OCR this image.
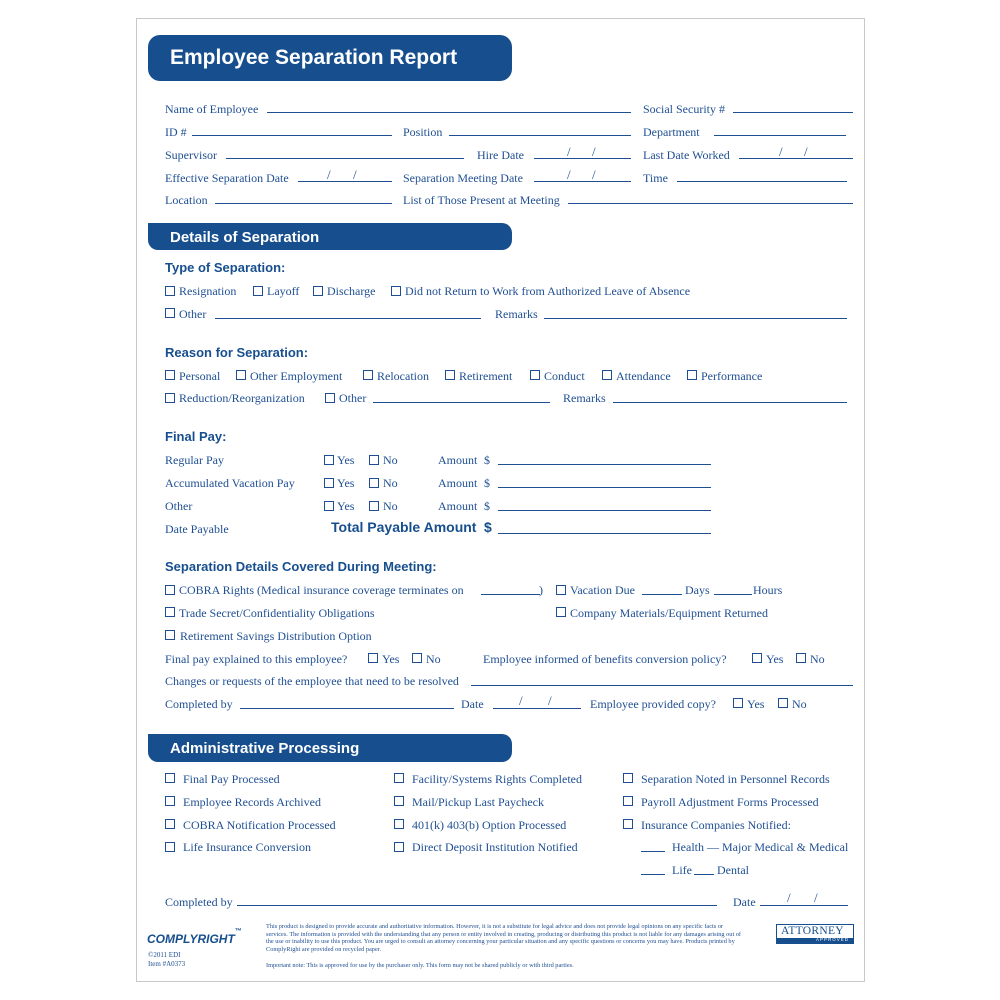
Employee Separation Report
Name of Employee	Social Security #
ID #	Position	Department
Supervisor	Hire Date	/ /	Last Date Worked	/ /
Effective Separation Date	/ /	Separation Meeting Date	/ /	Time
Location	List of Those Present at Meeting
Details of Separation
Type of Separation:
Resignation	Layoff Discharge Did not Return to Work from Authorized Leave of Absence
Other	Remarks
Reason for Separation:
Personal Other Employment	Relocation	Retirement	Conduct	Attendance	Performance
Reduction/Reorganization	Other	Remarks
Final Pay:
Regular Pay	Yes No	Amount $
Accumulated Vacation Pay	Yes No	Amount $
Other	Yes No	Amount $
Date Payable	Total Payable Amount $
Separation Details Covered During Meeting:
COBRA Rights (Medical insurance coverage terminates on	) Vacation Due	Days	Hours
Trade Secret/Confidentiality Obligations	Company Materials/Equipment Returned
Retirement Savings Distribution Option
Final pay explained to this employee?	Yes No	Employee informed of benefits conversion policy?	Yes No
Changes or requests of the employee that need to be resolved
Completed by	Date	/ /	Employee provided copy?	Yes No
Administrative Processing
Final Pay Processed
Employee Records Archived
COBRA Notification Processed
Life Insurance Conversion
Facility/Systems Rights Completed
Mail/Pickup Last Paycheck
401(k) 403(b) Option Processed
Direct Deposit Institution Notified
Separation Noted in Personnel Records
Payroll Adjustment Forms Processed
Insurance Companies Notified:
Health — Major Medical & Medical
Life Dental
Completed by	Date / /
COMPLYRIGHT™
©2011 EDI
Item #A0373
This product is designed to provide accurate and authoritative information. However, it is not a substitute for legal advice and does not provide legal opinions on any specific facts or services. The information is provided with the understanding that any person or entity involved in creating, producing or distributing this product is not liable for any damages arising out of the use or inability to use this product. You are urged to consult an attorney concerning your particular situation and any specific questions or concerns you may have. Products printed by ComplyRight are provided on recycled paper.
Important note: This is approved for use by the purchaser only. This form may not be shared publicly or with third parties.
ATTORNEY
APPROVED
